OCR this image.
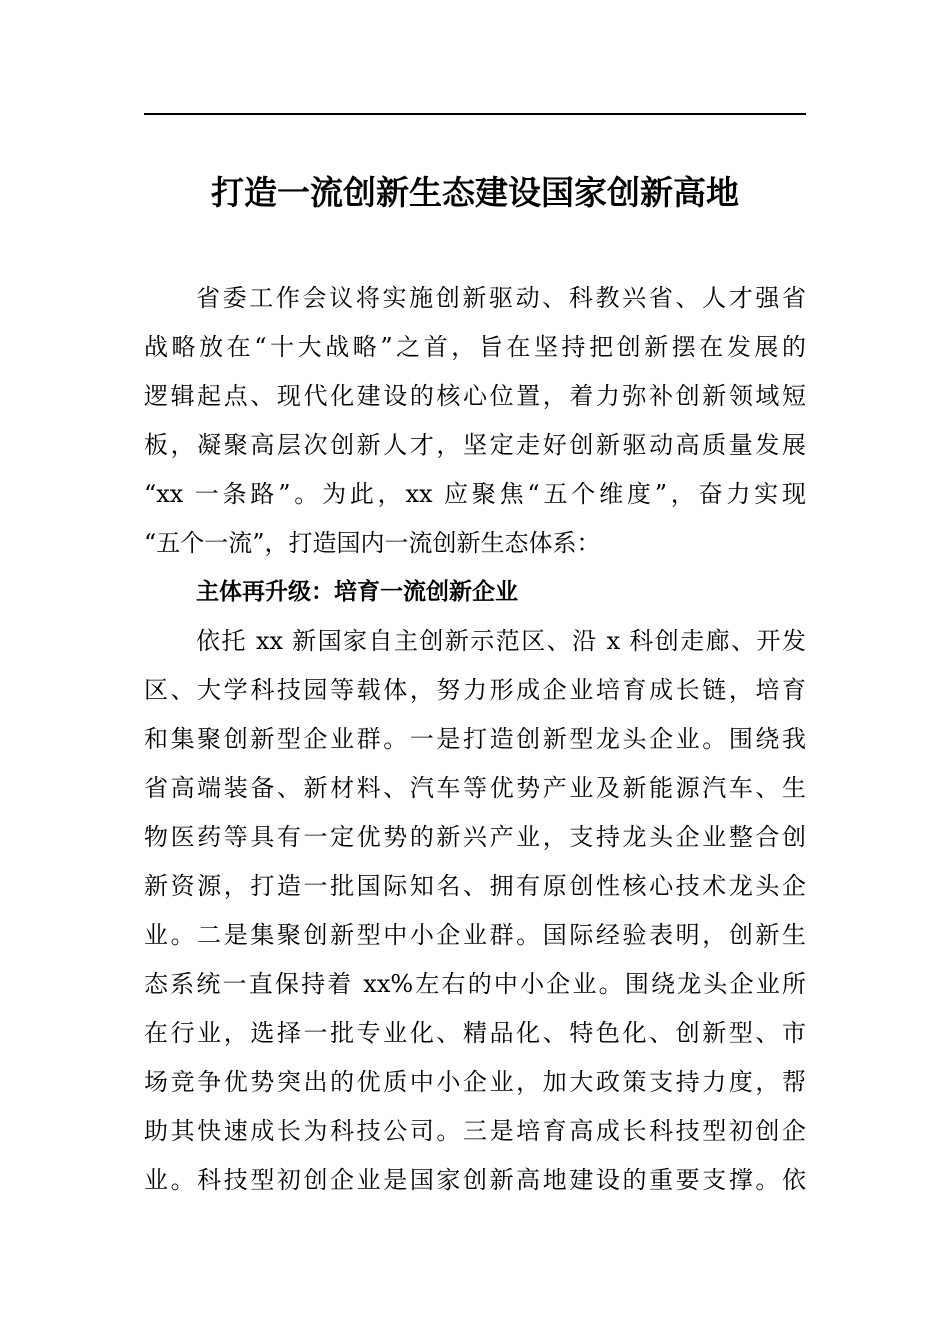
打造一流创新生态建设国家创新高地
省委工作会议将实施创新驱动、科教兴省、人才强省
战略放在“十大战略”之首，旨在坚持把创新摆在发展的
逻辑起点、现代化建设的核心位置，着力弥补创新领域短
板，凝聚高层次创新人才，坚定走好创新驱动高质量发展
“xx 一条路”。为此，xx 应聚焦“五个维度”，奋力实现
“五个一流”，打造国内一流创新生态体系：
主体再升级：培育一流创新企业
依托 xx 新国家自主创新示范区、沿 x 科创走廊、开发
区、大学科技园等载体，努力形成企业培育成长链，培育
和集聚创新型企业群。一是打造创新型龙头企业。围绕我
省高端装备、新材料、汽车等优势产业及新能源汽车、生
物医药等具有一定优势的新兴产业，支持龙头企业整合创
新资源，打造一批国际知名、拥有原创性核心技术龙头企
业。二是集聚创新型中小企业群。国际经验表明，创新生
态系统一直保持着 xx%左右的中小企业。围绕龙头企业所
在行业，选择一批专业化、精品化、特色化、创新型、市
场竞争优势突出的优质中小企业，加大政策支持力度，帮
助其快速成长为科技公司。三是培育高成长科技型初创企
业。科技型初创企业是国家创新高地建设的重要支撑。依
